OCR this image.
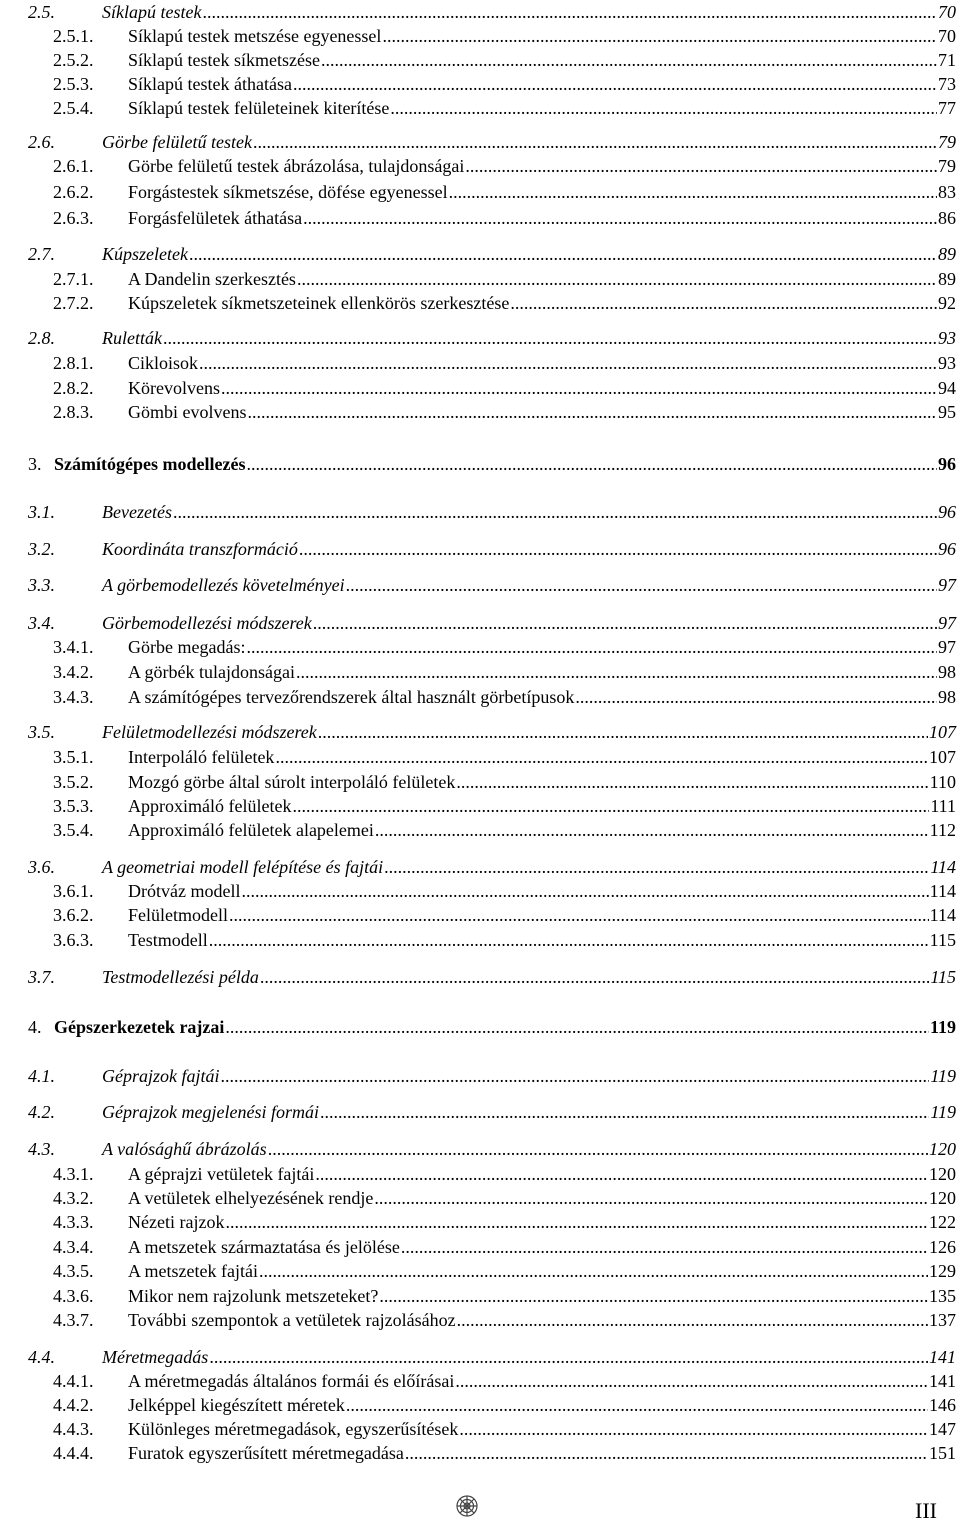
2.5.	Síklapú testek .....	70
2.5.1.	Síklapú testek metszése egyenessel .....	70
2.5.2.	Síklapú testek síkmetszése .....	71
2.5.3.	Síklapú testek áthatása .....	73
2.5.4.	Síklapú testek felületeinek kiterítése .....	77
2.6.	Görbe felületű testek .....	79
2.6.1.	Görbe felületű testek ábrázolása, tulajdonságai .....	79
2.6.2.	Forgástestek síkmetszése, döfése egyenessel .....	83
2.6.3.	Forgásfelületek áthatása .....	86
2.7.	Kúpszeletek .....	89
2.7.1.	A Dandelin szerkesztés .....	89
2.7.2.	Kúpszeletek síkmetszeteinek ellenkörös szerkesztése .....	92
2.8.	Ruletták .....	93
2.8.1.	Cikloisok .....	93
2.8.2.	Körevolvens .....	94
2.8.3.	Gömbi evolvens .....	95
3. Számítógépes modellezés .....	96
3.1.	Bevezetés .....	96
3.2.	Koordináta transzformáció .....	96
3.3.	A görbemodellezés követelményei .....	97
3.4.	Görbemodellezési módszerek .....	97
3.4.1.	Görbe megadás: .....	97
3.4.2.	A görbék tulajdonságai .....	98
3.4.3.	A számítógépes tervezőrendszerek által használt görbetípusok .....	98
3.5.	Felületmodellezési módszerek .....	107
3.5.1.	Interpoláló felületek .....	107
3.5.2.	Mozgó görbe által súrolt interpoláló felületek .....	110
3.5.3.	Approximáló felületek .....	111
3.5.4.	Approximáló felületek alapelemei .....	112
3.6.	A geometriai modell felépítése és fajtái .....	114
3.6.1.	Drótváz modell .....	114
3.6.2.	Felületmodell .....	114
3.6.3.	Testmodell .....	115
3.7.	Testmodellezési példa .....	115
4. Gépszerkezetek rajzai .....	119
4.1.	Géprajzok fajtái .....	119
4.2.	Géprajzok megjelenési formái .....	119
4.3.	A valósághű ábrázolás .....	120
4.3.1.	A géprajzi vetületek fajtái .....	120
4.3.2.	A vetületek elhelyezésének rendje .....	120
4.3.3.	Nézeti rajzok .....	122
4.3.4.	A metszetek származtatása és jelölése .....	126
4.3.5.	A metszetek fajtái .....	129
4.3.6.	Mikor nem rajzolunk metszeteket? .....	135
4.3.7.	További szempontok a vetületek rajzolásához .....	137
4.4.	Méretmegadás .....	141
4.4.1.	A méretmegadás általános formái és előírásai .....	141
4.4.2.	Jelképpel kiegészített méretek .....	146
4.4.3.	Különleges méretmegadások, egyszerűsítések .....	147
4.4.4.	Furatok egyszerűsített méretmegadása .....	151
III
